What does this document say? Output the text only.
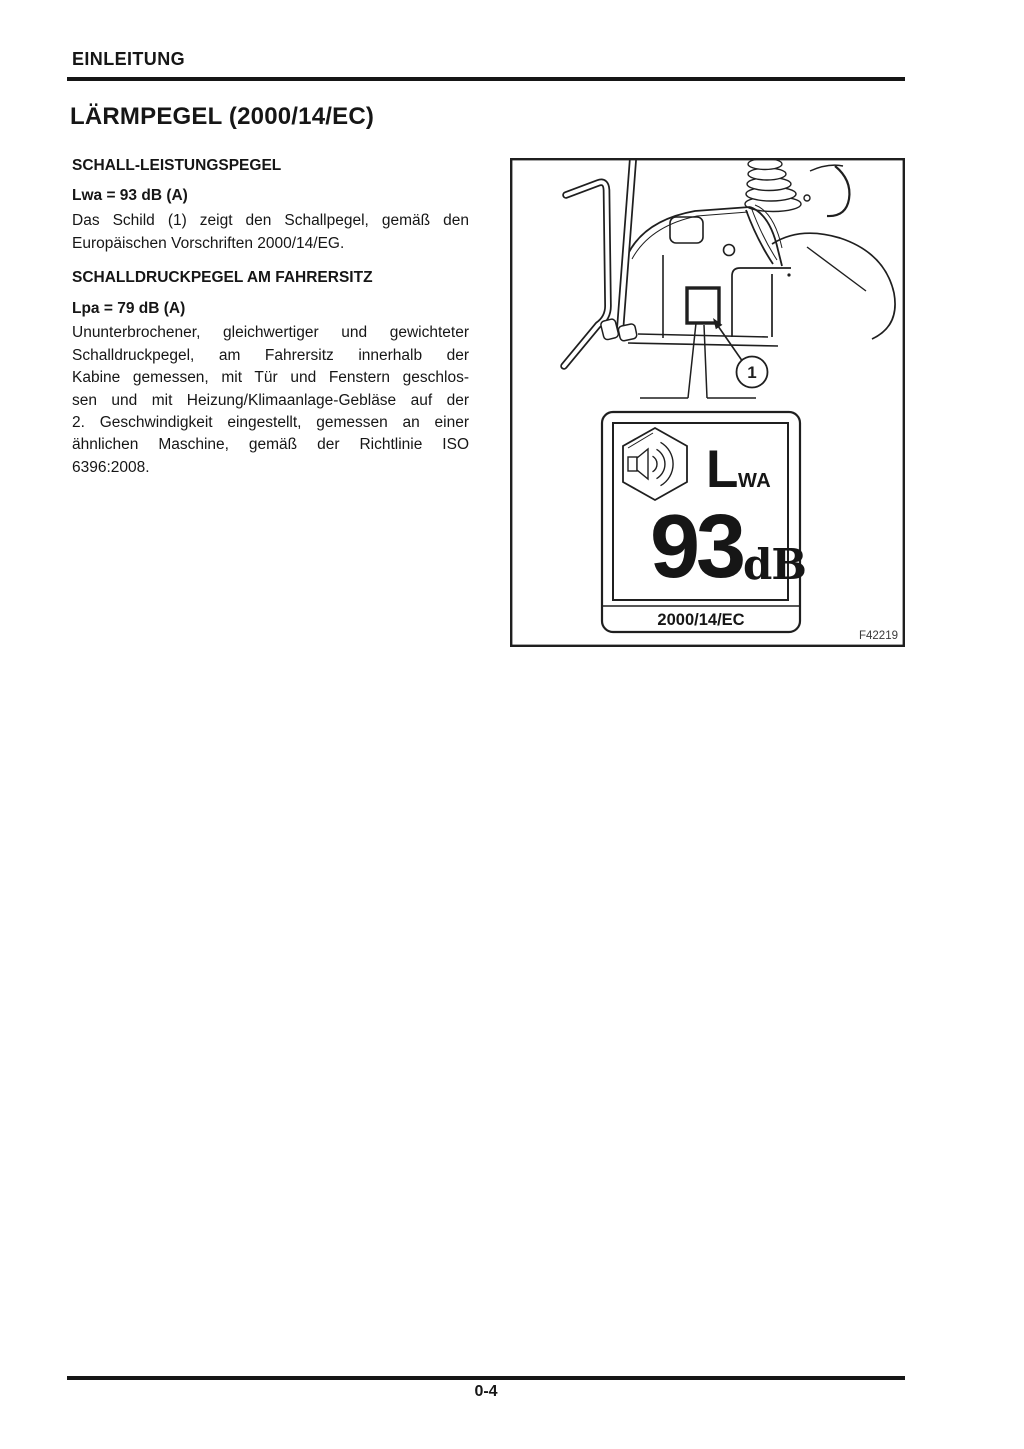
EINLEITUNG
LÄRMPEGEL (2000/14/EC)
SCHALL-LEISTUNGSPEGEL

Lwa = 93 dB (A)

Das Schild (1) zeigt den Schallpegel, gemäß den
Europäischen Vorschriften 2000/14/EG.
SCHALLDRUCKPEGEL AM FAHRERSITZ

Lpa = 79 dB (A)

Ununterbrochener, gleichwertiger und gewichteter
Schalldruckpegel, am Fahrersitz innerhalb der
Kabine gemessen, mit Tür und Fenstern geschlos-
sen und mit Heizung/Klimaanlage-Gebläse auf der
2. Geschwindigkeit eingestellt, gemessen an einer
ähnlichen Maschine, gemäß der Richtlinie ISO
6396:2008.
1
L WA
93 dB
2000/14/EC
F42219
0-4
